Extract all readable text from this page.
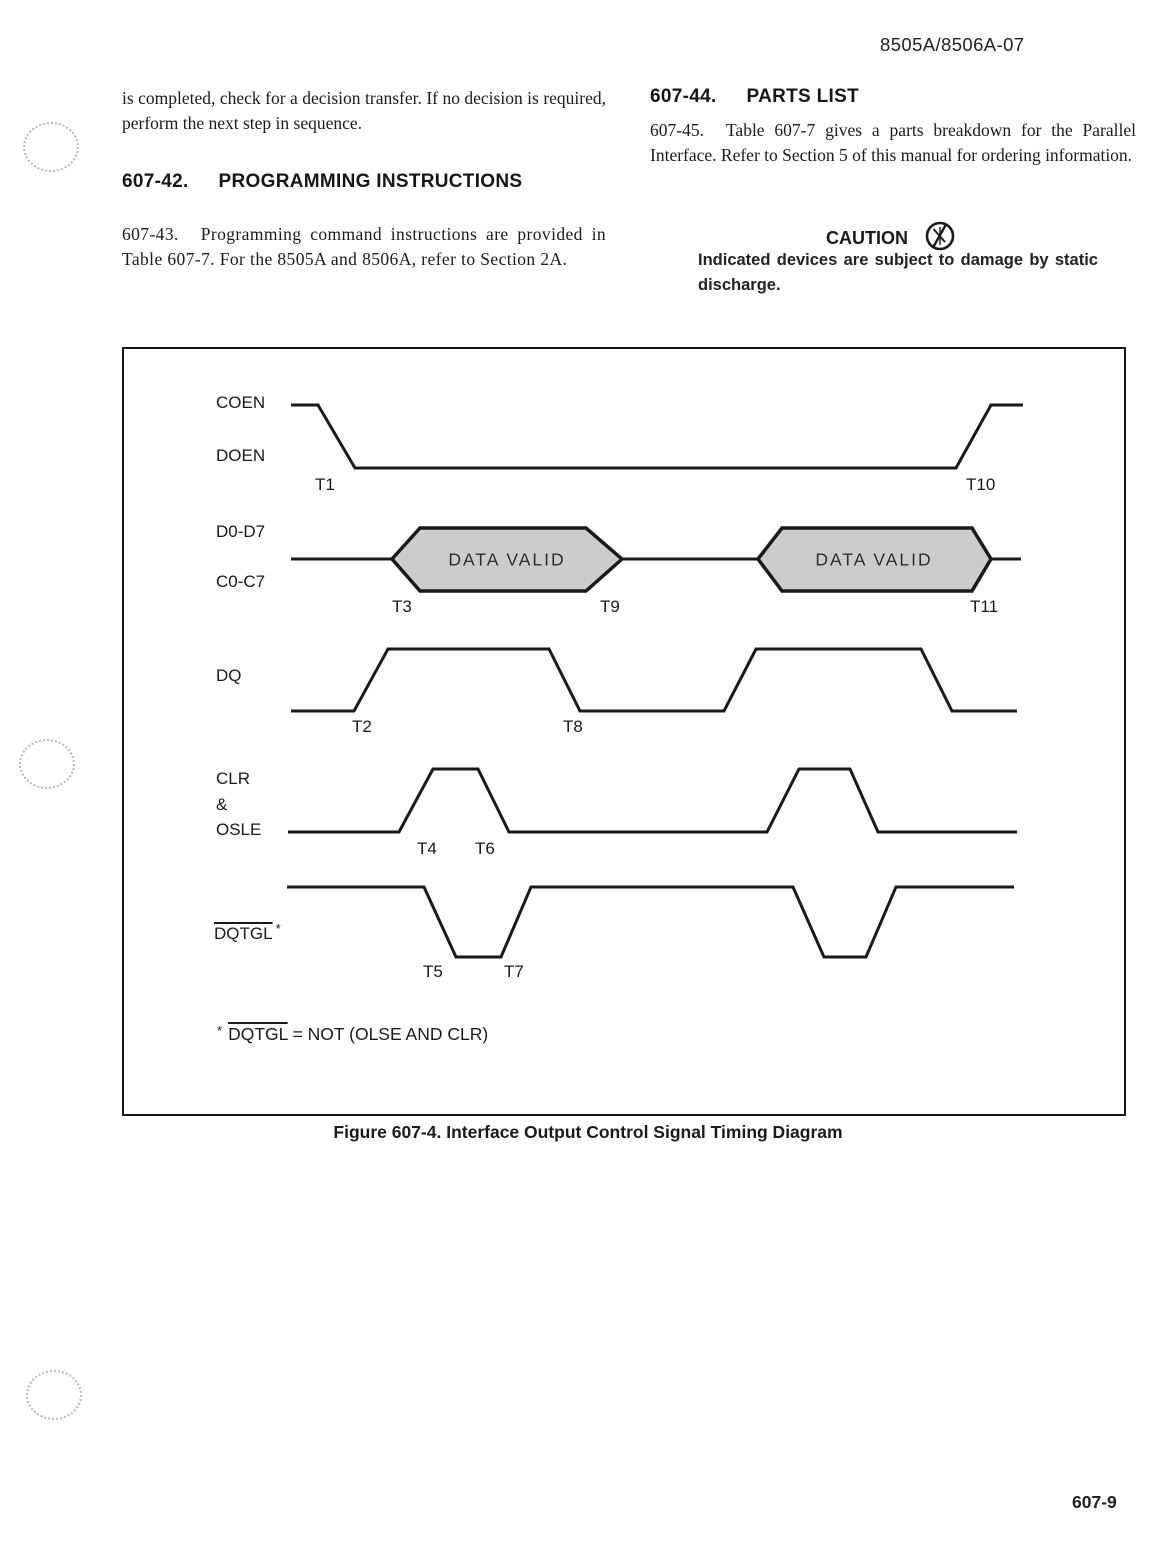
8505A/8506A-07

is completed, check for a decision transfer. If no decision is required, perform the next step in sequence.

607-42. PROGRAMMING INSTRUCTIONS

607-43. Programming command instructions are provided in Table 607-7. For the 8505A and 8506A, refer to Section 2A.

607-44. PARTS LIST

607-45. Table 607-7 gives a parts breakdown for the Parallel Interface. Refer to Section 5 of this manual for ordering information.

CAUTION
Indicated devices are subject to damage by static discharge.
COEN
DOEN
D0-D7
C0-C7
DQ
CLR
&
OSLE
DQTGL *
T1	T10
T3	T9	T11
T2	T8
T4 T6
T5	T7
DATA VALID	DATA VALID
* DQTGL = NOT (OLSE AND CLR)
Figure 607-4. Interface Output Control Signal Timing Diagram
607-9
